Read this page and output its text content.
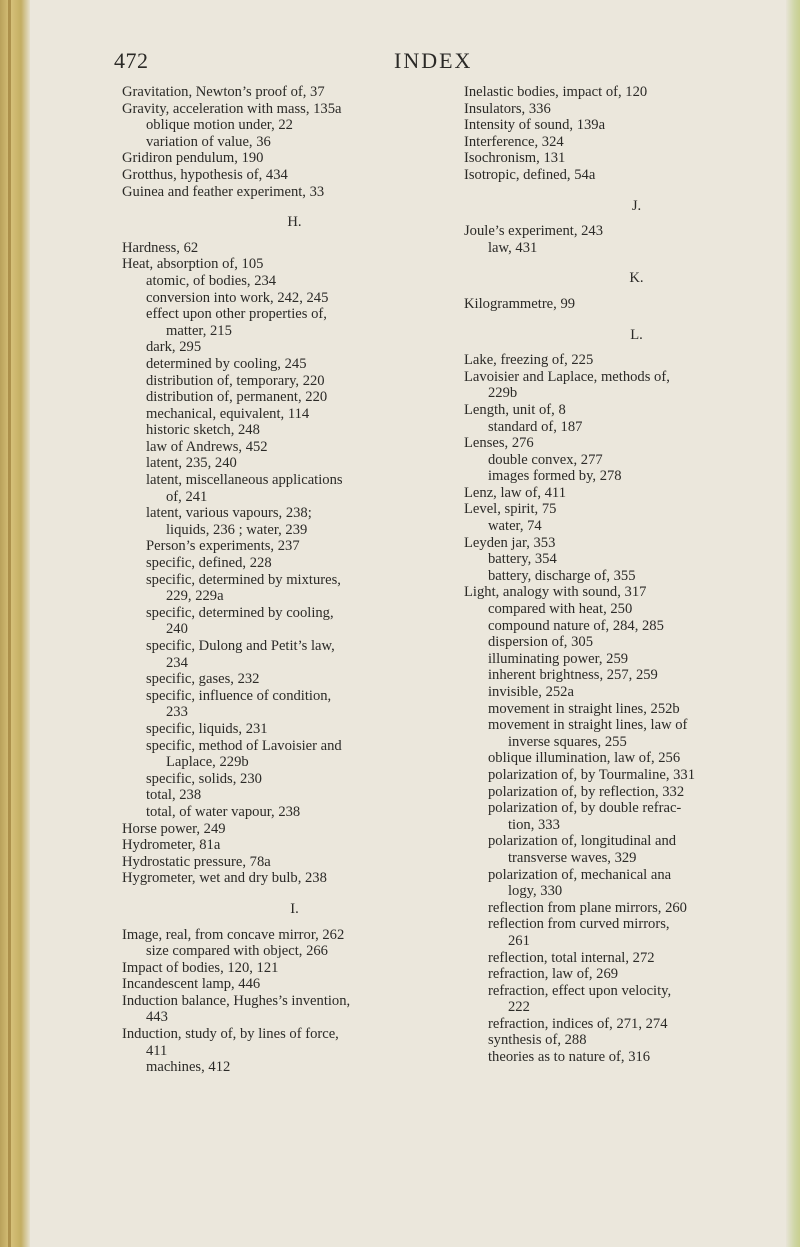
472	INDEX
Gravitation, Newton’s proof of, 37
Gravity, acceleration with mass, 135a
oblique motion under, 22
variation of value, 36
Gridiron pendulum, 190
Grotthus, hypothesis of, 434
Guinea and feather experiment, 33
H.
Hardness, 62
Heat, absorption of, 105
atomic, of bodies, 234
conversion into work, 242, 245
effect upon other properties of,
matter, 215
dark, 295
determined by cooling, 245
distribution of, temporary, 220
distribution of, permanent, 220
mechanical, equivalent, 114
historic sketch, 248
law of Andrews, 452
latent, 235, 240
latent, miscellaneous applications
of, 241
latent, various vapours, 238;
liquids, 236 ; water, 239
Person’s experiments, 237
specific, defined, 228
specific, determined by mixtures,
229, 229a
specific, determined by cooling,
240
specific, Dulong and Petit’s law,
234
specific, gases, 232
specific, influence of condition,
233
specific, liquids, 231
specific, method of Lavoisier and
Laplace, 229b
specific, solids, 230
total, 238
total, of water vapour, 238
Horse power, 249
Hydrometer, 81a
Hydrostatic pressure, 78a
Hygrometer, wet and dry bulb, 238
I.
Image, real, from concave mirror, 262
size compared with object, 266
Impact of bodies, 120, 121
Incandescent lamp, 446
Induction balance, Hughes’s invention,
443
Induction, study of, by lines of force,
411
machines, 412
Inelastic bodies, impact of, 120
Insulators, 336
Intensity of sound, 139a
Interference, 324
Isochronism, 131
Isotropic, defined, 54a
J.
Joule’s experiment, 243
law, 431
K.
Kilogrammetre, 99
L.
Lake, freezing of, 225
Lavoisier and Laplace, methods of,
229b
Length, unit of, 8
standard of, 187
Lenses, 276
double convex, 277
images formed by, 278
Lenz, law of, 411
Level, spirit, 75
water, 74
Leyden jar, 353
battery, 354
battery, discharge of, 355
Light, analogy with sound, 317
compared with heat, 250
compound nature of, 284, 285
dispersion of, 305
illuminating power, 259
inherent brightness, 257, 259
invisible, 252a
movement in straight lines, 252b
movement in straight lines, law of
inverse squares, 255
oblique illumination, law of, 256
polarization of, by Tourmaline, 331
polarization of, by reflection, 332
polarization of, by double refrac-
tion, 333
polarization of, longitudinal and
transverse waves, 329
polarization of, mechanical ana
logy, 330
reflection from plane mirrors, 260
reflection from curved mirrors,
261
reflection, total internal, 272
refraction, law of, 269
refraction, effect upon velocity,
222
refraction, indices of, 271, 274
synthesis of, 288
theories as to nature of, 316
